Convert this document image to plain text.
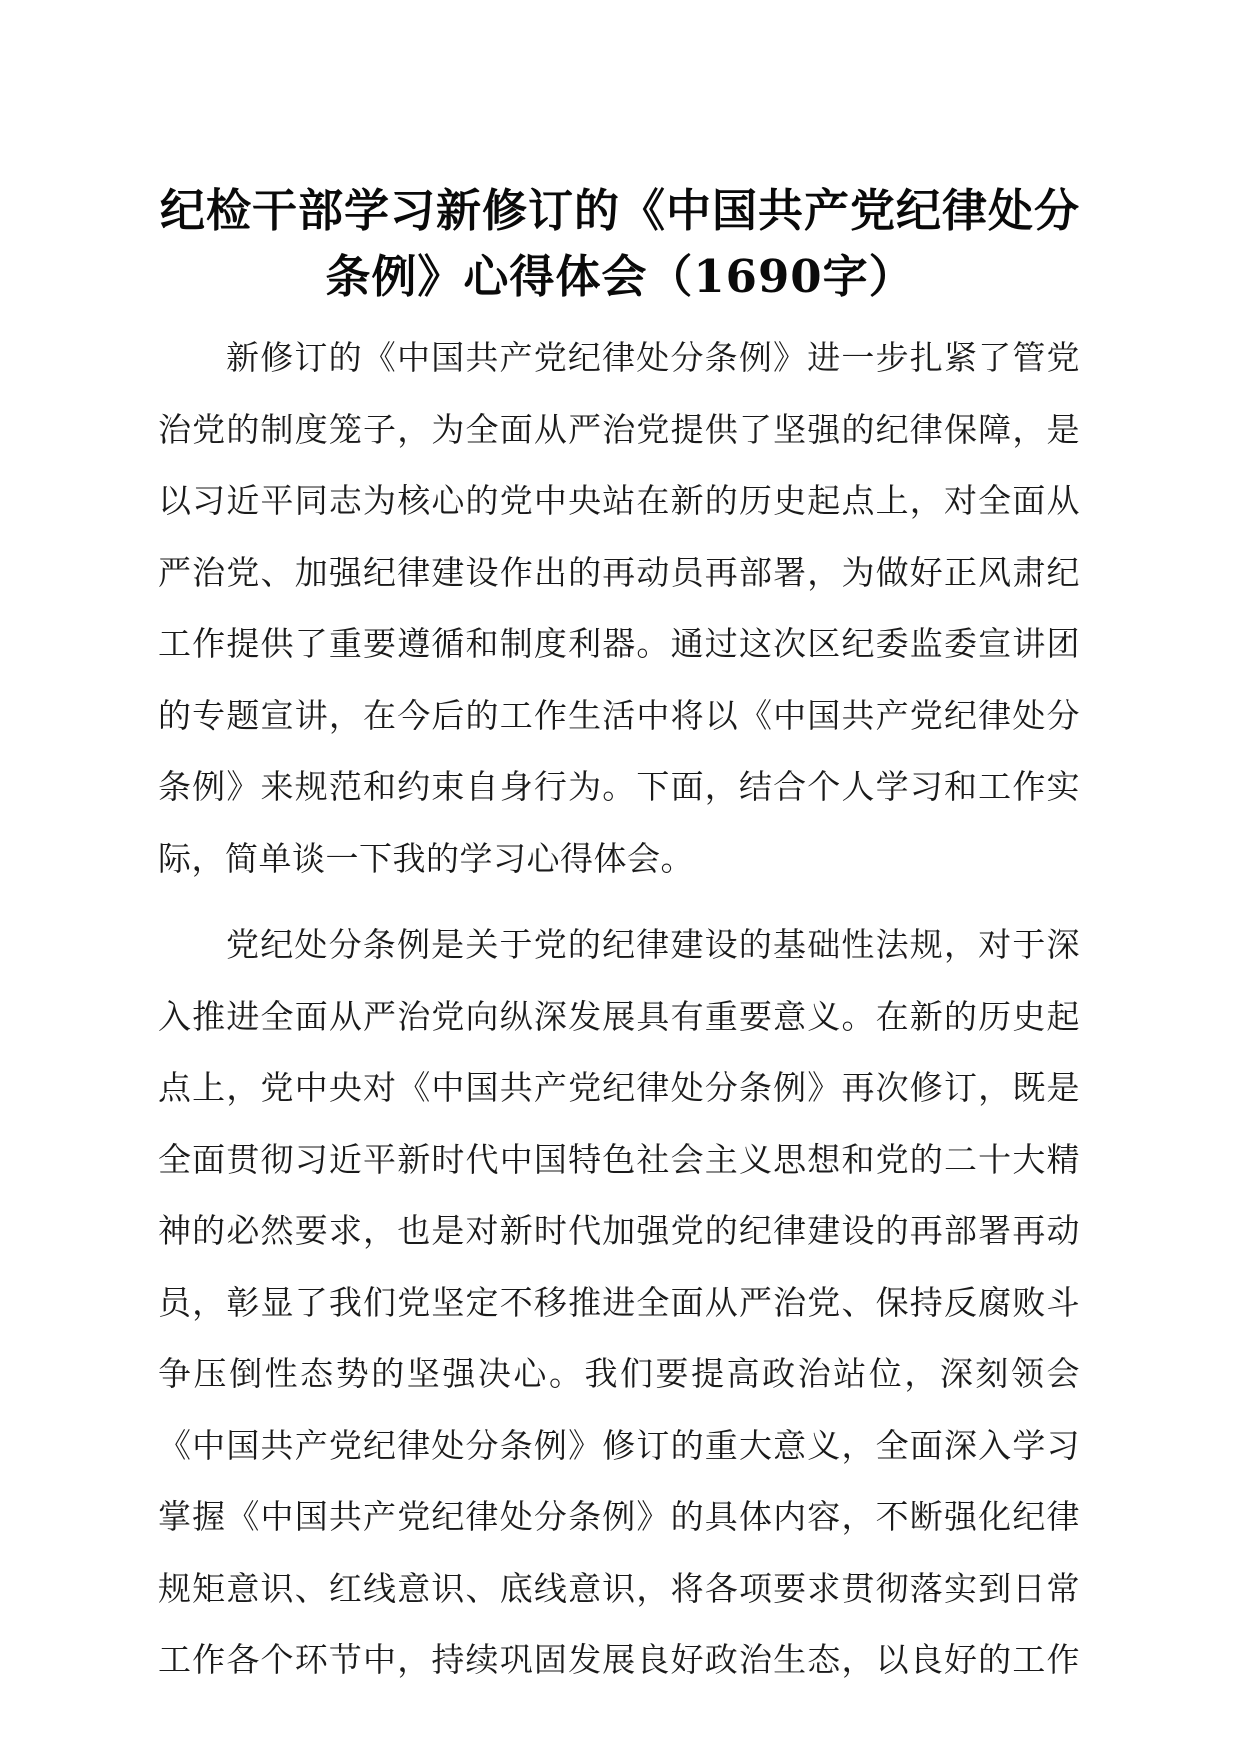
纪检干部学习新修订的《中国共产党纪律处分
条例》心得体会（1690字）
新修订的《中国共产党纪律处分条例》进一步扎紧了管党
治党的制度笼子，为全面从严治党提供了坚强的纪律保障，是
以习近平同志为核心的党中央站在新的历史起点上，对全面从
严治党、加强纪律建设作出的再动员再部署，为做好正风肃纪
工作提供了重要遵循和制度利器。通过这次区纪委监委宣讲团
的专题宣讲，在今后的工作生活中将以《中国共产党纪律处分
条例》来规范和约束自身行为。下面，结合个人学习和工作实
际，简单谈一下我的学习心得体会。
党纪处分条例是关于党的纪律建设的基础性法规，对于深
入推进全面从严治党向纵深发展具有重要意义。在新的历史起
点上，党中央对《中国共产党纪律处分条例》再次修订，既是
全面贯彻习近平新时代中国特色社会主义思想和党的二十大精
神的必然要求，也是对新时代加强党的纪律建设的再部署再动
员，彰显了我们党坚定不移推进全面从严治党、保持反腐败斗
争压倒性态势的坚强决心。我们要提高政治站位，深刻领会
《中国共产党纪律处分条例》修订的重大意义，全面深入学习
掌握《中国共产党纪律处分条例》的具体内容，不断强化纪律
规矩意识、红线意识、底线意识，将各项要求贯彻落实到日常
工作各个环节中，持续巩固发展良好政治生态，以良好的工作
